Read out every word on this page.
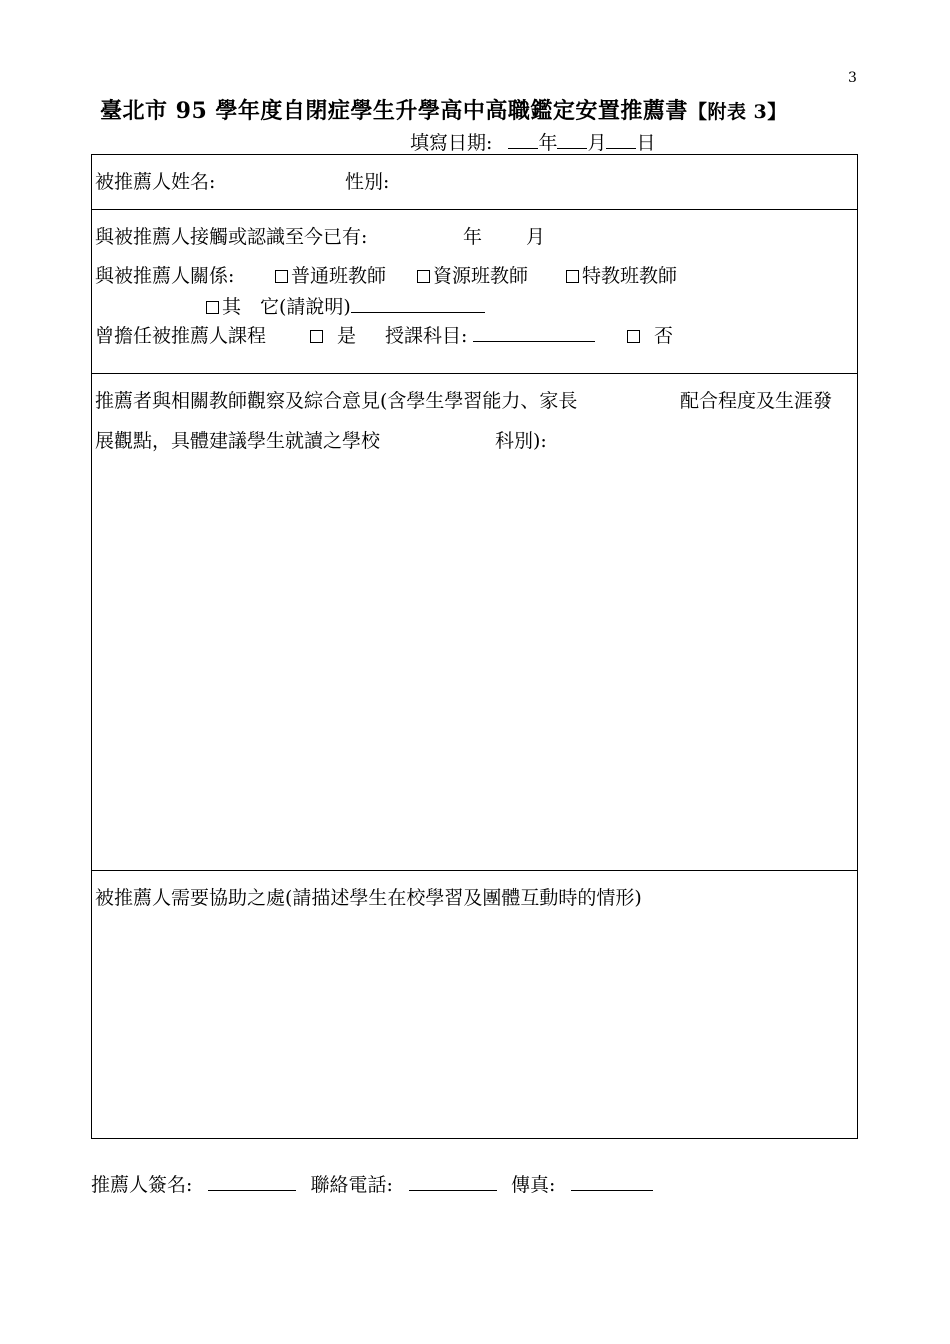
3
臺北市 95 學年度自閉症學生升學高中高職鑑定安置推薦書【附表 3】
填寫日期: 年 月 日
被推薦人姓名:	性別:
與被推薦人接觸或認識至今已有:	年 月
與被推薦人關係:	普通班教師	資源班教師	特教班教師
其　它(請說明)
曾擔任被推薦人課程	是 授課科目:	否
推薦者與相關教師觀察及綜合意見(含學生學習能力、家長	配合程度及生涯發
展觀點，具體建議學生就讀之學校	科別):
被推薦人需要協助之處(請描述學生在校學習及團體互動時的情形)
推薦人簽名:	聯絡電話:	傳真:
